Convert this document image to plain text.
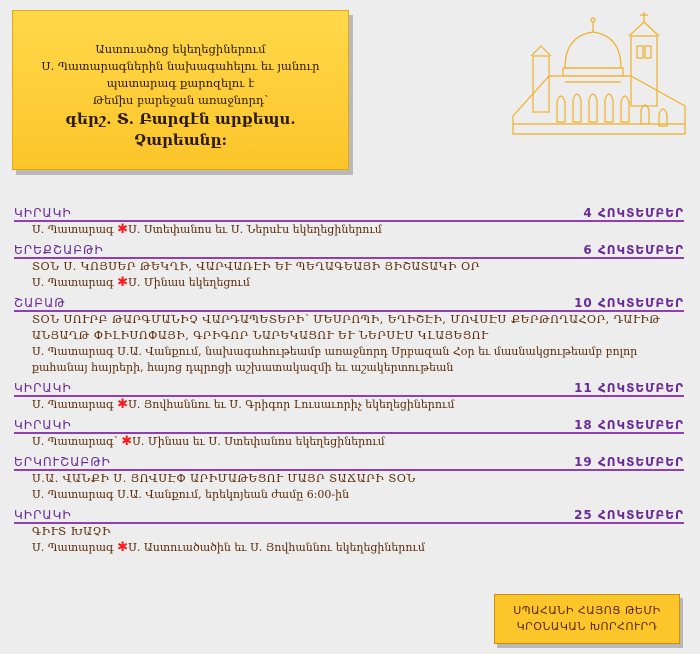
Աստուածոց եկեղեցիներում
Ս. Պատարագներին նախագահելու եւ յանուր
պատարագ քարոզելու է
Թեմիս բարեջան առաջնորդ՝
գերշ. Տ. Բարգէն արքեպս.
Չարեանը:
ԿԻՐԱԿԻ	4 ՀՈԿՏԵՄԲԵՐ
Ս. Պատարագ ✱Ս. Ստեփանոս եւ Ս. Ներսէս եկեղեցիներում
ԵՐԵՔՇԱԲԹԻ	6 ՀՈԿՏԵՄԲԵՐ
ՏՕՆ Ս. ԿՈՅՍԵՐ ԹԵԿՂԻ, ՎԱՐՎԱՌԷԻ ԵՒ ՊԵՂԱԳԵԱՅԻ ՅԻՇԱՏԱԿԻ ՕՐ
Ս. Պատարագ ✱Ս. Մինաս եկեղեցում
ՇԱԲԱԹ	10 ՀՈԿՏԵՄԲԵՐ
ՏՕՆ ՍՈՒՐԲ ԹԱՐԳՄԱՆԻՉ ՎԱՐԴԱՊԵՏԵՐԻ՝ ՄԵՍՐՈՊԻ, ԵՂԻՇԷԻ, ՄՈՎՍԷՍ ՔԵՐԹՈՂԱՀՕՐ, ԴԱՒԻԹ ԱՆՅԱՂԹ ՓԻԼԻՍՈՓԱՅԻ, ԳՐԻԳՈՐ ՆԱՐԵԿԱՑՈՒ ԵՒ ՆԵՐՍԷՍ ԿԼԱՅԵՑՈՒ
Ս. Պատարագ Ս.Ա. Վանքում, նախագահութեամբ առաջնորդ Սրբազան Հօր եւ մասնակցութեամբ բոլոր քահանայ հայրերի, հայոց դպրոցի աշխատակազմի եւ աշակերտութեան
ԿԻՐԱԿԻ	11 ՀՈԿՏԵՄԲԵՐ
Ս. Պատարագ ✱Ս. Յովհաննու եւ Ս. Գրիգոր Լուսաւորիչ եկեղեցիներում
ԿԻՐԱԿԻ	18 ՀՈԿՏԵՄԲԵՐ
Ս. Պատարագ՝ ✱Ս. Մինաս եւ Ս. Ստեփանոս եկեղեցիներում
ԵՐԿՈՒՇԱԲԹԻ	19 ՀՈԿՏԵՄԲԵՐ
Ս.Ա. ՎԱՆՔԻ Ս. ՅՈՎՍԷՓ ԱՐԻՄԱԹԵՑՈՒ ՄԱՅՐ ՏԱՃԱՐԻ ՏՕՆ
Ս. Պատարագ Ս.Ա. Վանքում, երեկոյեան ժամը 6:00-ին
ԿԻՐԱԿԻ	25 ՀՈԿՏԵՄԲԵՐ
ԳԻՒՏ ԽԱՉԻ
Ս. Պատարագ ✱Ս. Աստուածածին եւ Ս. Յովհաննու եկեղեցիներում
ՍՊԱՀԱՆԻ ՀԱՅՈՑ ԹԵՄԻ
ԿՐՕՆԱԿԱՆ ԽՈՐՀՈՒՐԴ
